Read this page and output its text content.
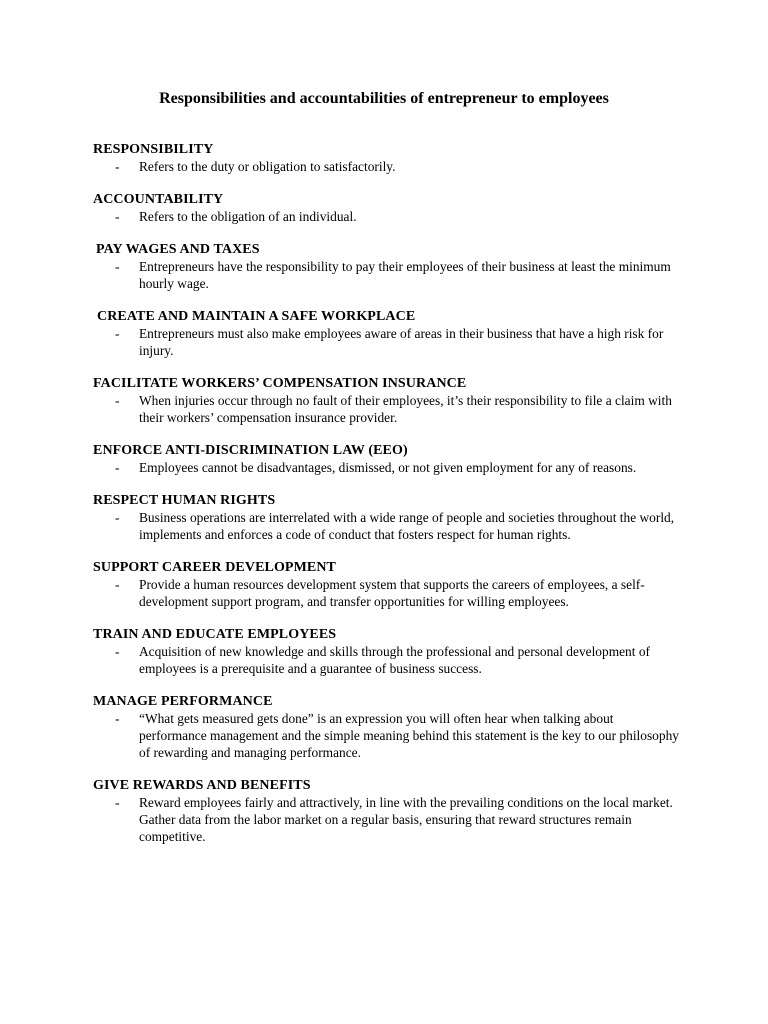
Responsibilities and accountabilities of entrepreneur to employees

RESPONSIBILITY

- Refers to the duty or obligation to satisfactorily.

ACCOUNTABILITY

- Refers to the obligation of an individual.

PAY WAGES AND TAXES

- Entrepreneurs have the responsibility to pay their employees of their business at least the minimum hourly wage.

CREATE AND MAINTAIN A SAFE WORKPLACE

- Entrepreneurs must also make employees aware of areas in their business that have a high risk for injury.

FACILITATE WORKERS’ COMPENSATION INSURANCE

- When injuries occur through no fault of their employees, it’s their responsibility to file a claim with their workers’ compensation insurance provider.

ENFORCE ANTI-DISCRIMINATION LAW (EEO)

- Employees cannot be disadvantages, dismissed, or not given employment for any of reasons.

RESPECT HUMAN RIGHTS

- Business operations are interrelated with a wide range of people and societies throughout the world, implements and enforces a code of conduct that fosters respect for human rights.

SUPPORT CAREER DEVELOPMENT

- Provide a human resources development system that supports the careers of employees, a self-development support program, and transfer opportunities for willing employees.

TRAIN AND EDUCATE EMPLOYEES

- Acquisition of new knowledge and skills through the professional and personal development of employees is a prerequisite and a guarantee of business success.

MANAGE PERFORMANCE

- “What gets measured gets done” is an expression you will often hear when talking about performance management and the simple meaning behind this statement is the key to our philosophy of rewarding and managing performance.

GIVE REWARDS AND BENEFITS

- Reward employees fairly and attractively, in line with the prevailing conditions on the local market. Gather data from the labor market on a regular basis, ensuring that reward structures remain competitive.
